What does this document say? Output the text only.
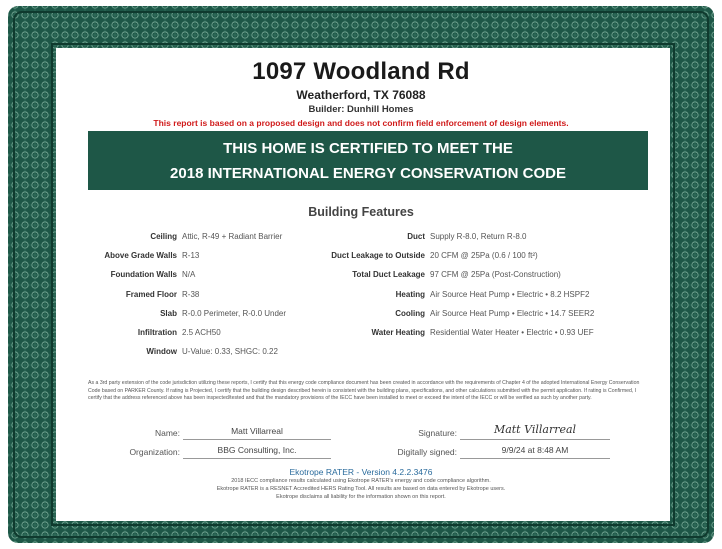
1097 Woodland Rd
Weatherford, TX 76088
Builder: Dunhill Homes
This report is based on a proposed design and does not confirm field enforcement of design elements.
THIS HOME IS CERTIFIED TO MEET THE
2018 INTERNATIONAL ENERGY CONSERVATION CODE
Building Features
Ceiling Attic, R-49 + Radiant Barrier
Above Grade Walls R-13
Foundation Walls N/A
Framed Floor R-38
Slab R-0.0 Perimeter, R-0.0 Under
Infiltration 2.5 ACH50
Window U-Value: 0.33, SHGC: 0.22
Duct Supply R-8.0, Return R-8.0
Duct Leakage to Outside 20 CFM @ 25Pa (0.6 / 100 ft²)
Total Duct Leakage 97 CFM @ 25Pa (Post-Construction)
Heating Air Source Heat Pump • Electric • 8.2 HSPF2
Cooling Air Source Heat Pump • Electric • 14.7 SEER2
Water Heating Residential Water Heater • Electric • 0.93 UEF
As a 3rd party extension of the code jurisdiction utilizing these reports, I certify that this energy code compliance document has been created in accordance with the requirements of Chapter 4 of the adopted International Energy Conservation Code based on PARKER County. If rating is Projected, I certify that the building design described herein is consistent with the building plans, specifications, and other calculations submitted with the permit application. If rating is Confirmed, I certify that the address referenced above has been inspected/tested and that the mandatory provisions of the IECC have been installed to meet or exceed the intent of the IECC or will be verified as such by another party.
Name:	Matt Villarreal
Organization:	BBG Consulting, Inc.
Signature:	Matt Villarreal
Digitally signed:	9/9/24 at 8:48 AM
Ekotrope RATER - Version 4.2.2.3476
2018 IECC compliance results calculated using Ekotrope RATER's energy and code compliance algorithm.
Ekotrope RATER is a RESNET Accredited HERS Rating Tool. All results are based on data entered by Ekotrope users.
Ekotrope disclaims all liability for the information shown on this report.
